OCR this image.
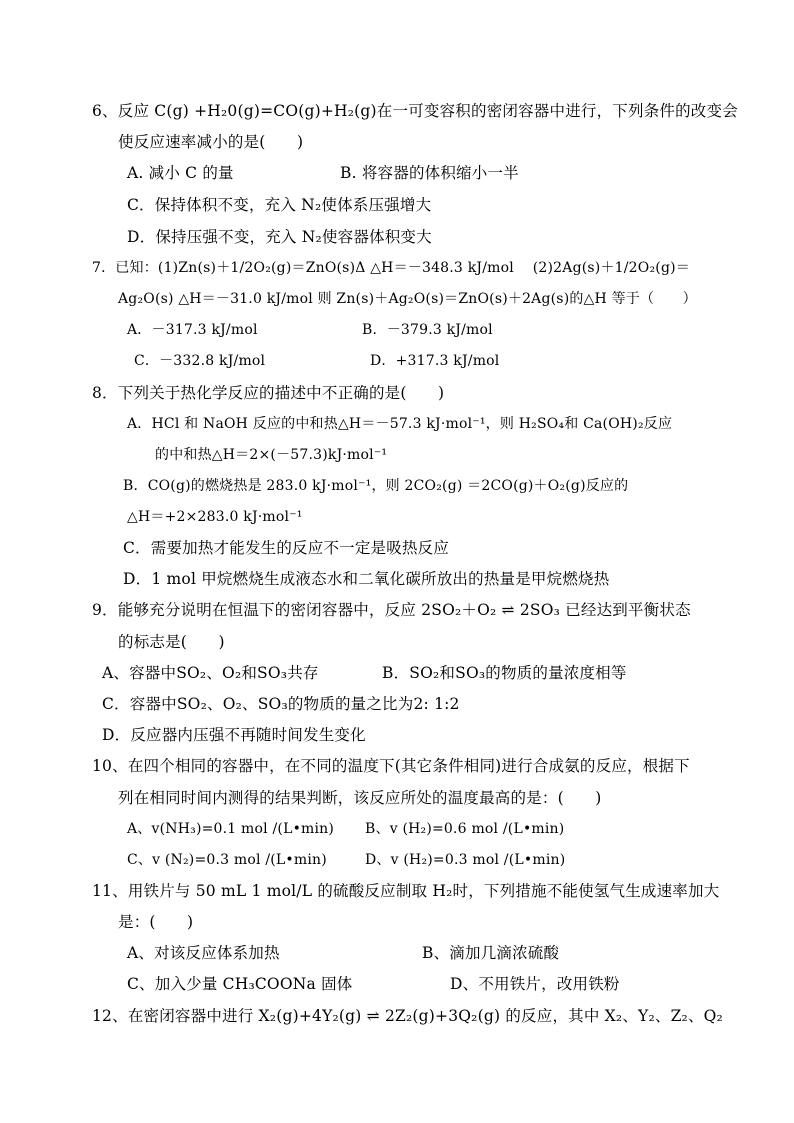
6、反应 C(g) +H₂0(g)=CO(g)+H₂(g)在一可变容积的密闭容器中进行，下列条件的改变会
使反应速率减小的是(　　)
A. 减小 C 的量	B. 将容器的体积缩小一半
C．保持体积不变，充入 N₂使体系压强增大
D．保持压强不变，充入 N₂使容器体积变大
7．已知：(1)Zn(s)＋1/2O₂(g)＝ZnO(s)Δ △H＝－348.3 kJ/mol　 (2)2Ag(s)＋1/2O₂(g)＝
Ag₂O(s) △H＝－31.0 kJ/mol 则 Zn(s)＋Ag₂O(s)＝ZnO(s)＋2Ag(s)的△H 等于（　　）
A．－317.3 kJ/mol	B．－379.3 kJ/mol
C．－332.8 kJ/mol	D．+317.3 kJ/mol
8．下列关于热化学反应的描述中不正确的是(　　)
A．HCl 和 NaOH 反应的中和热△H＝－57.3 kJ·mol⁻¹，则 H₂SO₄和 Ca(OH)₂反应
的中和热△H＝2×(－57.3)kJ·mol⁻¹
B．CO(g)的燃烧热是 283.0 kJ·mol⁻¹，则 2CO₂(g) ＝2CO(g)＋O₂(g)反应的
△H＝+2×283.0 kJ·mol⁻¹
C．需要加热才能发生的反应不一定是吸热反应
D．1 mol 甲烷燃烧生成液态水和二氧化碳所放出的热量是甲烷燃烧热
9．能够充分说明在恒温下的密闭容器中，反应 2SO₂＋O₂ ⇌ 2SO₃ 已经达到平衡状态
的标志是(　　)
A、容器中SO₂、O₂和SO₃共存	B．SO₂和SO₃的物质的量浓度相等
C．容器中SO₂、O₂、SO₃的物质的量之比为2: 1:2
D．反应器内压强不再随时间发生变化
10、在四个相同的容器中，在不同的温度下(其它条件相同)进行合成氨的反应，根据下
列在相同时间内测得的结果判断，该反应所处的温度最高的是：(　　)
A、v(NH₃)=0.1 mol /(L•min) B、v (H₂)=0.6 mol /(L•min)
C、v (N₂)=0.3 mol /(L•min)	D、v (H₂)=0.3 mol /(L•min)
11、用铁片与 50 mL 1 mol/L 的硫酸反应制取 H₂时，下列措施不能使氢气生成速率加大
是：(　　)
A、对该反应体系加热	B、滴加几滴浓硫酸
C、加入少量 CH₃COONa 固体	D、不用铁片，改用铁粉
12、在密闭容器中进行 X₂(g)+4Y₂(g) ⇌ 2Z₂(g)+3Q₂(g) 的反应，其中 X₂、Y₂、Z₂、Q₂
